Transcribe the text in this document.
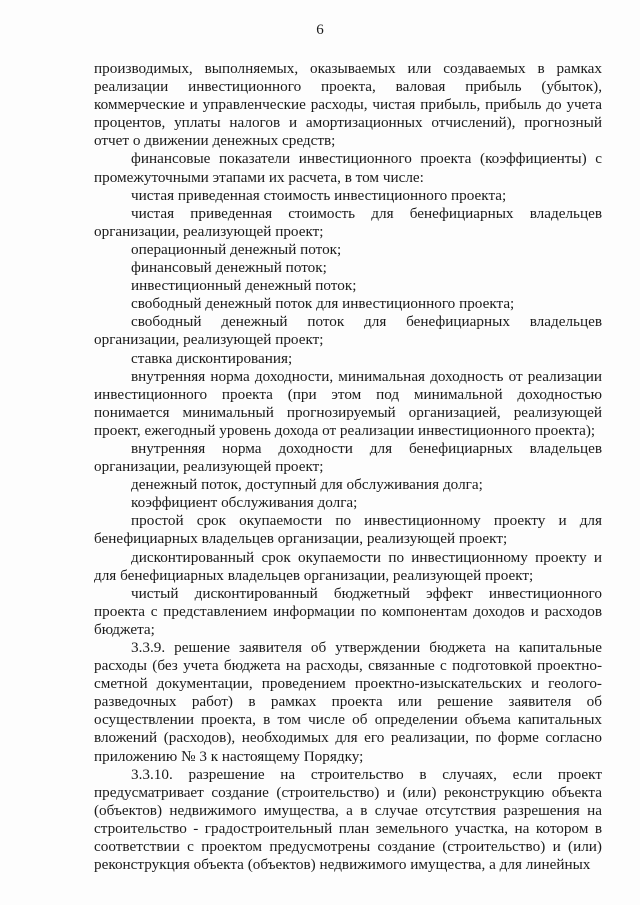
6

производимых, выполняемых, оказываемых или создаваемых в рамках реализации инвестиционного проекта, валовая прибыль (убыток), коммерческие и управленческие расходы, чистая прибыль, прибыль до учета процентов, уплаты налогов и амортизационных отчислений), прогнозный отчет о движении денежных средств;

финансовые показатели инвестиционного проекта (коэффициенты) с промежуточными этапами их расчета, в том числе:

чистая приведенная стоимость инвестиционного проекта;

чистая приведенная стоимость для бенефициарных владельцев организации, реализующей проект;

операционный денежный поток;

финансовый денежный поток;

инвестиционный денежный поток;

свободный денежный поток для инвестиционного проекта;

свободный денежный поток для бенефициарных владельцев организации, реализующей проект;

ставка дисконтирования;

внутренняя норма доходности, минимальная доходность от реализации инвестиционного проекта (при этом под минимальной доходностью понимается минимальный прогнозируемый организацией, реализующей проект, ежегодный уровень дохода от реализации инвестиционного проекта);

внутренняя норма доходности для бенефициарных владельцев организации, реализующей проект;

денежный поток, доступный для обслуживания долга;

коэффициент обслуживания долга;

простой срок окупаемости по инвестиционному проекту и для бенефициарных владельцев организации, реализующей проект;

дисконтированный срок окупаемости по инвестиционному проекту и для бенефициарных владельцев организации, реализующей проект;

чистый дисконтированный бюджетный эффект инвестиционного проекта с представлением информации по компонентам доходов и расходов бюджета;

3.3.9. решение заявителя об утверждении бюджета на капитальные расходы (без учета бюджета на расходы, связанные с подготовкой проектно-сметной документации, проведением проектно-изыскательских и геолого-разведочных работ) в рамках проекта или решение заявителя об осуществлении проекта, в том числе об определении объема капитальных вложений (расходов), необходимых для его реализации, по форме согласно приложению № 3 к настоящему Порядку;

3.3.10. разрешение на строительство в случаях, если проект предусматривает создание (строительство) и (или) реконструкцию объекта (объектов) недвижимого имущества, а в случае отсутствия разрешения на строительство - градостроительный план земельного участка, на котором в соответствии с проектом предусмотрены создание (строительство) и (или) реконструкция объекта (объектов) недвижимого имущества, а для линейных
